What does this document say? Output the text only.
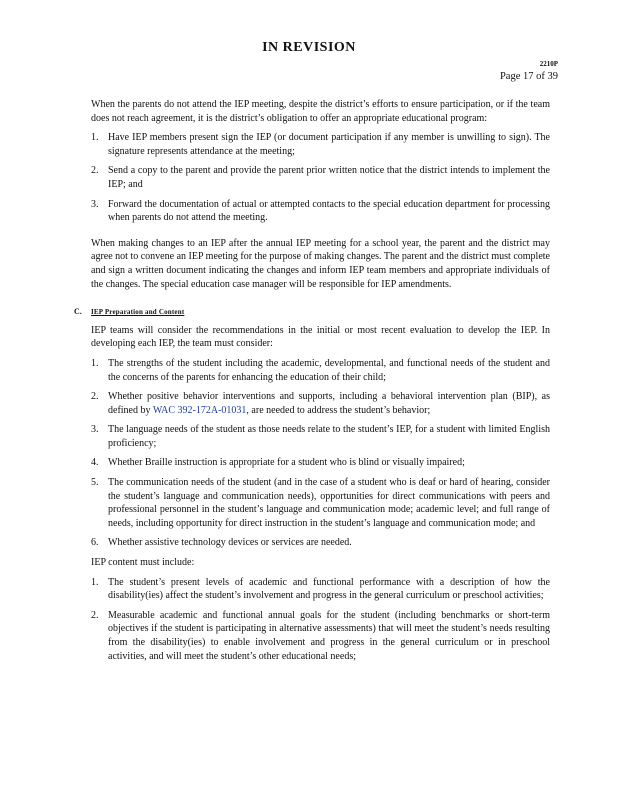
IN REVISION
2210P
Page 17 of 39

When the parents do not attend the IEP meeting, despite the district’s efforts to ensure participation, or if the team does not reach agreement, it is the district’s obligation to offer an appropriate educational program:

1. Have IEP members present sign the IEP (or document participation if any member is unwilling to sign). The signature represents attendance at the meeting;
2. Send a copy to the parent and provide the parent prior written notice that the district intends to implement the IEP; and
3. Forward the documentation of actual or attempted contacts to the special education department for processing when parents do not attend the meeting.

When making changes to an IEP after the annual IEP meeting for a school year, the parent and the district may agree not to convene an IEP meeting for the purpose of making changes. The parent and the district must complete and sign a written document indicating the changes and inform IEP team members and appropriate individuals of the changes. The special education case manager will be responsible for IEP amendments.

C. IEP Preparation and Content

IEP teams will consider the recommendations in the initial or most recent evaluation to develop the IEP. In developing each IEP, the team must consider:

1. The strengths of the student including the academic, developmental, and functional needs of the student and the concerns of the parents for enhancing the education of their child;
2. Whether positive behavior interventions and supports, including a behavioral intervention plan (BIP), as defined by WAC 392-172A-01031, are needed to address the student’s behavior;
3. The language needs of the student as those needs relate to the student’s IEP, for a student with limited English proficiency;
4. Whether Braille instruction is appropriate for a student who is blind or visually impaired;
5. The communication needs of the student (and in the case of a student who is deaf or hard of hearing, consider the student’s language and communication needs), opportunities for direct communications with peers and professional personnel in the student’s language and communication mode; academic level; and full range of needs, including opportunity for direct instruction in the student’s language and communication mode; and
6. Whether assistive technology devices or services are needed.

IEP content must include:

1. The student’s present levels of academic and functional performance with a description of how the disability(ies) affect the student’s involvement and progress in the general curriculum or preschool activities;
2. Measurable academic and functional annual goals for the student (including benchmarks or short-term objectives if the student is participating in alternative assessments) that will meet the student’s needs resulting from the disability(ies) to enable involvement and progress in the general curriculum or in preschool activities, and will meet the student’s other educational needs;
